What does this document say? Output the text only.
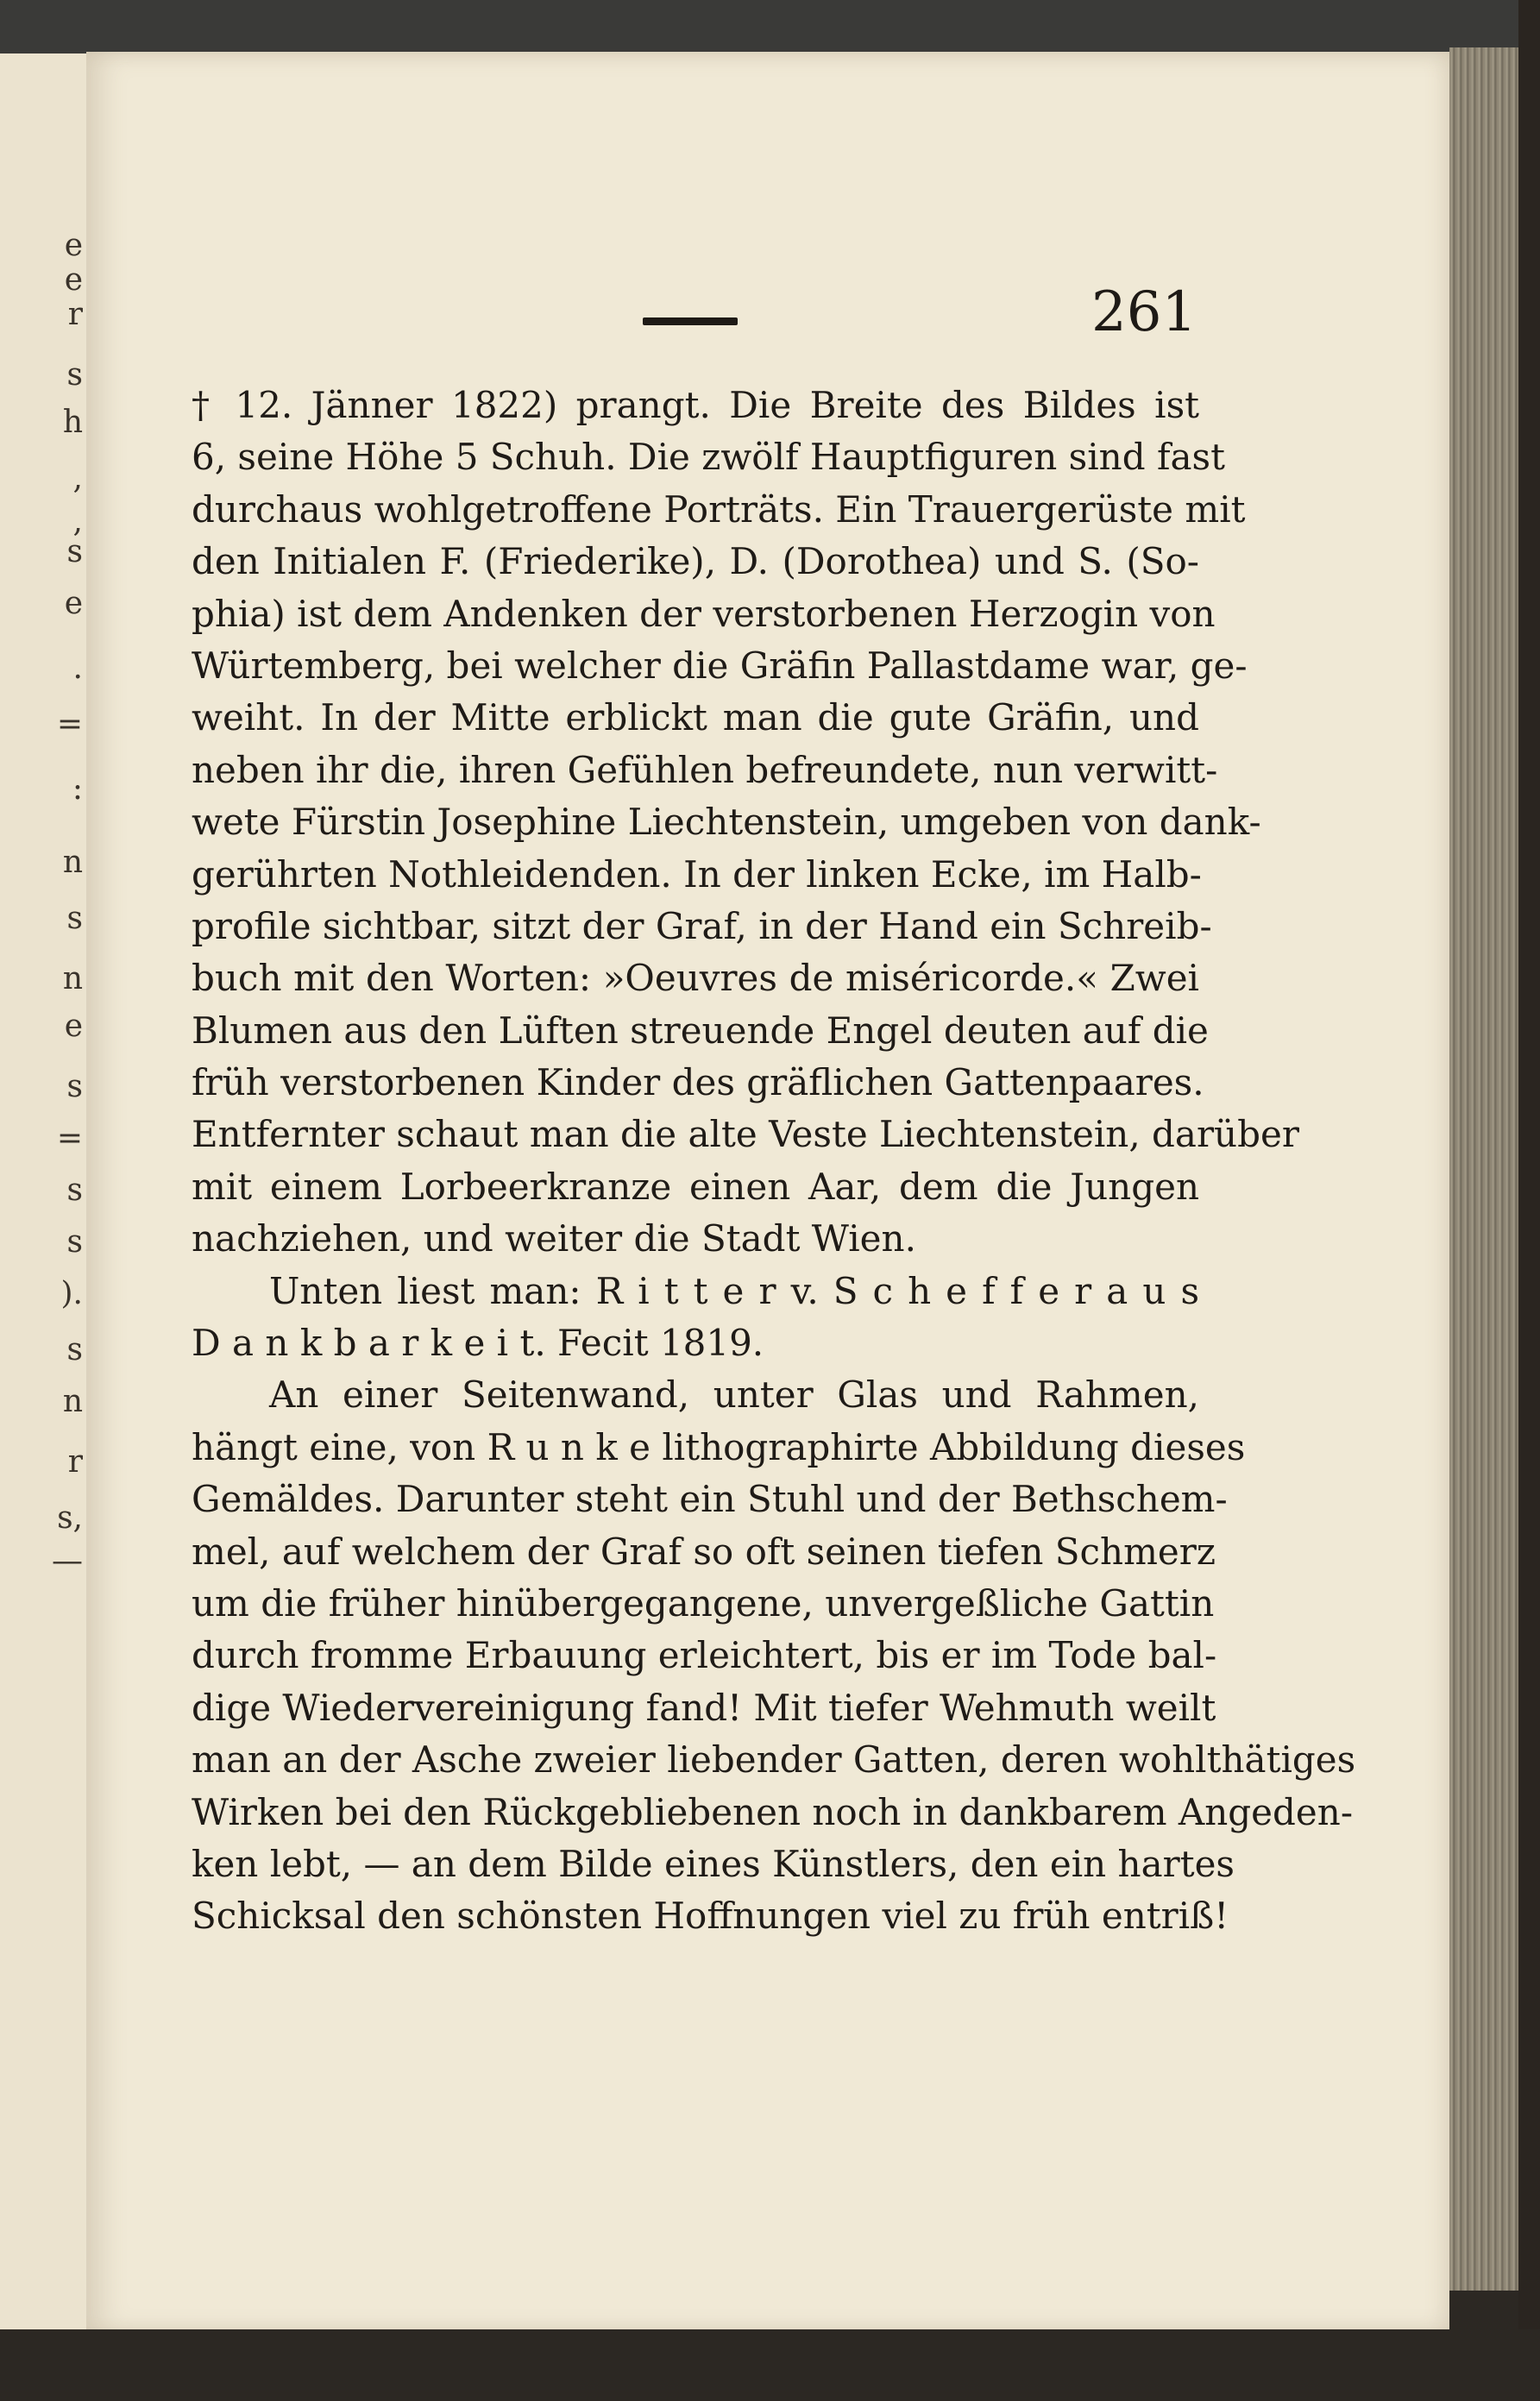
e
e
r
s
h
,
,
s
e
.
=
:
n
s
n
e
s
=
s
s
).
s
n
r
s,
—
261
† 12. Jänner 1822) prangt. Die Breite des Bildes ist
6, seine Höhe 5 Schuh. Die zwölf Hauptfiguren sind fast
durchaus wohlgetroffene Porträts. Ein Trauergerüste mit
den Initialen F. (Friederike), D. (Dorothea) und S. (So-
phia) ist dem Andenken der verstorbenen Herzogin von
Würtemberg, bei welcher die Gräfin Pallastdame war, ge-
weiht. In der Mitte erblickt man die gute Gräfin, und
neben ihr die, ihren Gefühlen befreundete, nun verwitt-
wete Fürstin Josephine Liechtenstein, umgeben von dank-
gerührten Nothleidenden. In der linken Ecke, im Halb-
profile sichtbar, sitzt der Graf, in der Hand ein Schreib-
buch mit den Worten: »Oeuvres de miséricorde.« Zwei
Blumen aus den Lüften streuende Engel deuten auf die
früh verstorbenen Kinder des gräflichen Gattenpaares.
Entfernter schaut man die alte Veste Liechtenstein, darüber
mit einem Lorbeerkranze einen Aar, dem die Jungen
nachziehen, und weiter die Stadt Wien.
Unten liest man: R i t t e r v. S c h e f f e r a u s
D a n k b a r k e i t. Fecit 1819.
An einer Seitenwand, unter Glas und Rahmen,
hängt eine, von R u n k e lithographirte Abbildung dieses
Gemäldes. Darunter steht ein Stuhl und der Bethschem-
mel, auf welchem der Graf so oft seinen tiefen Schmerz
um die früher hinübergegangene, unvergeßliche Gattin
durch fromme Erbauung erleichtert, bis er im Tode bal-
dige Wiedervereinigung fand! Mit tiefer Wehmuth weilt
man an der Asche zweier liebender Gatten, deren wohlthätiges
Wirken bei den Rückgebliebenen noch in dankbarem Angeden-
ken lebt, — an dem Bilde eines Künstlers, den ein hartes
Schicksal den schönsten Hoffnungen viel zu früh entriß!
